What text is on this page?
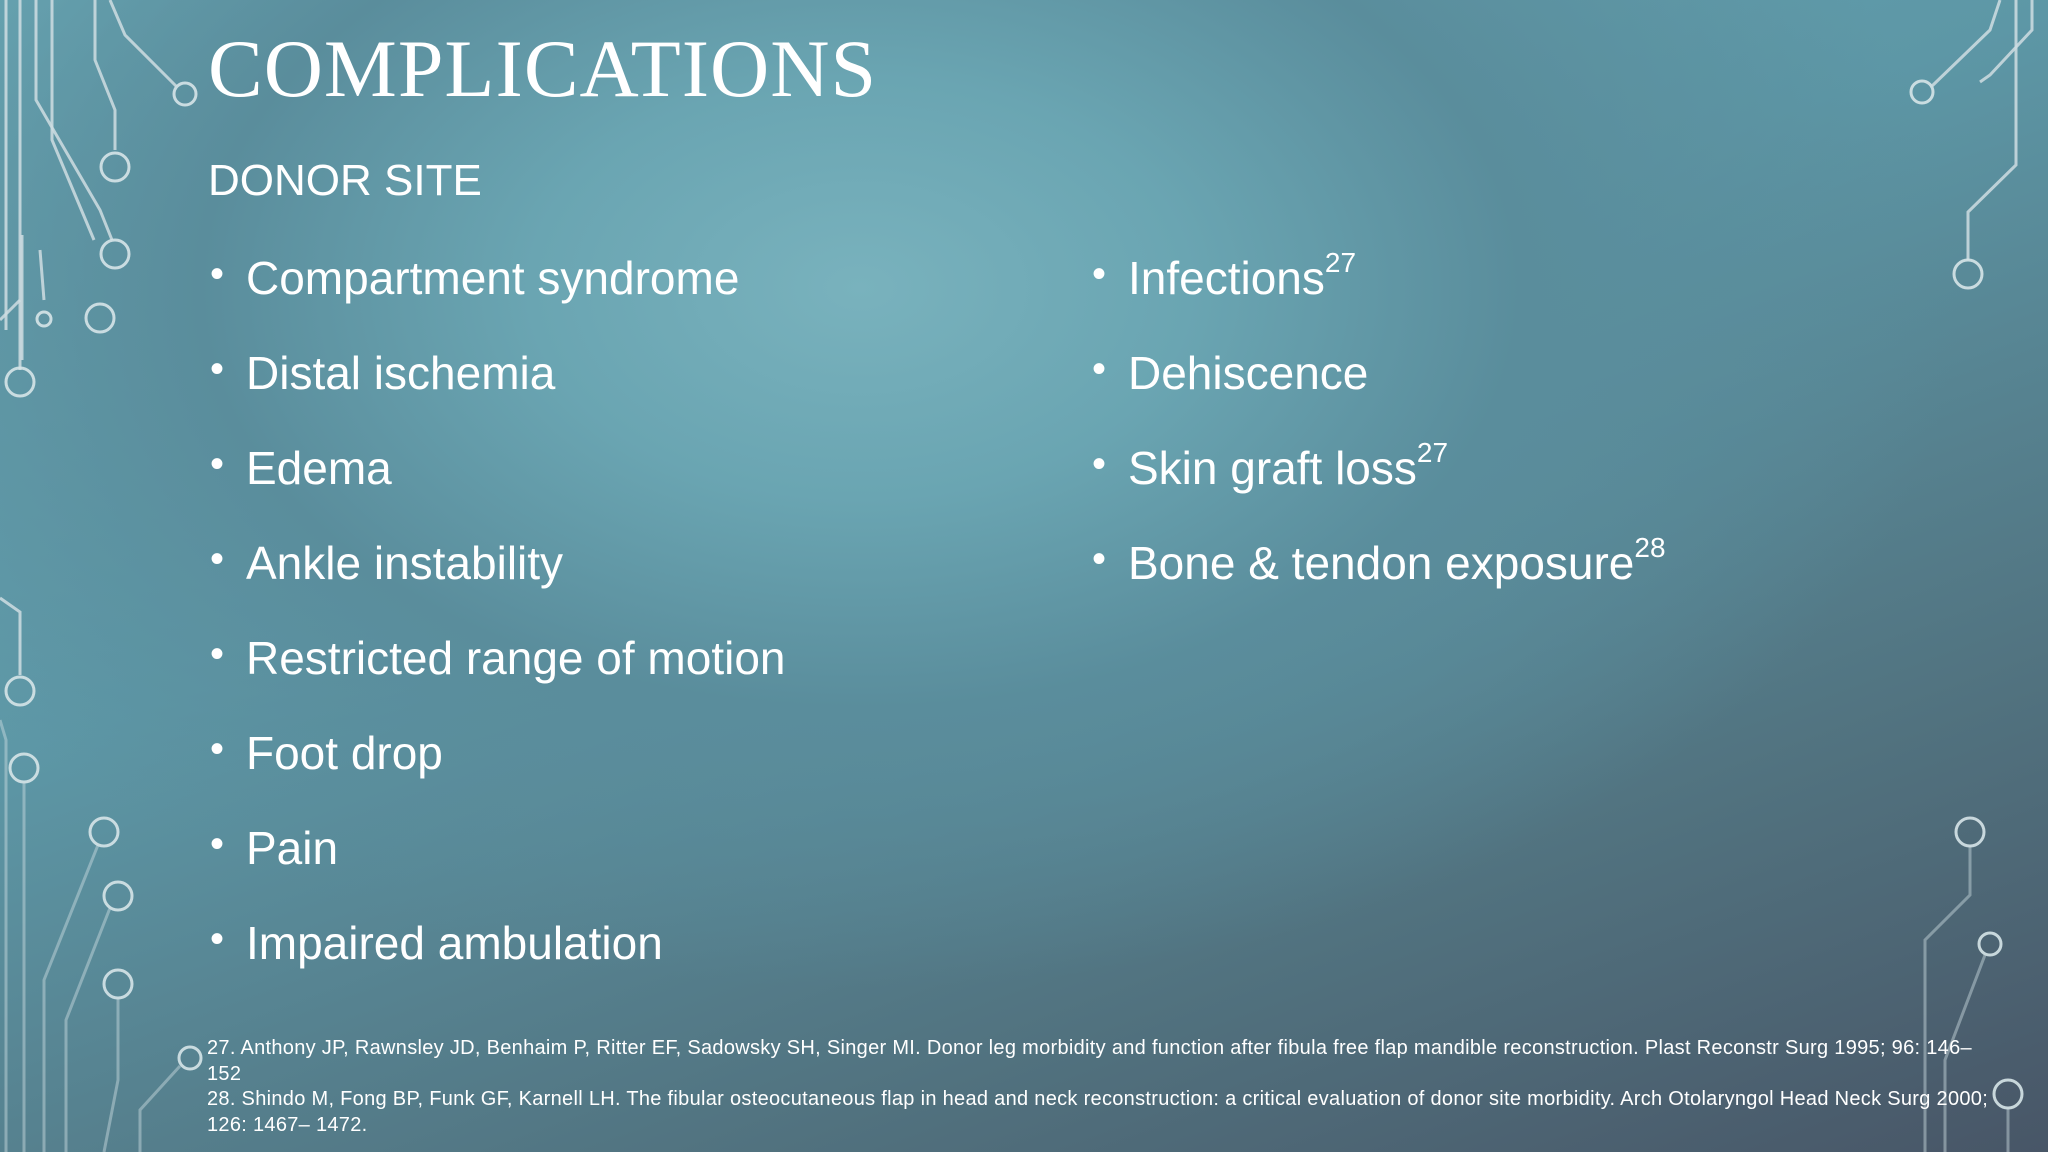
COMPLICATIONS
DONOR SITE
• Compartment syndrome
• Distal ischemia
• Edema
• Ankle instability
• Restricted range of motion
• Foot drop
• Pain
• Impaired ambulation
• Infections$^{27}$
• Dehiscence
• Skin graft loss$^{27}$
• Bone & tendon exposure$^{28}$
27. Anthony JP, Rawnsley JD, Benhaim P, Ritter EF, Sadowsky SH, Singer MI. Donor leg morbidity and function after fibula free flap mandible reconstruction. Plast Reconstr Surg 1995; 96: 146– 152
28. Shindo M, Fong BP, Funk GF, Karnell LH. The fibular osteocutaneous flap in head and neck reconstruction: a critical evaluation of donor site morbidity. Arch Otolaryngol Head Neck Surg 2000; 126: 1467– 1472.
